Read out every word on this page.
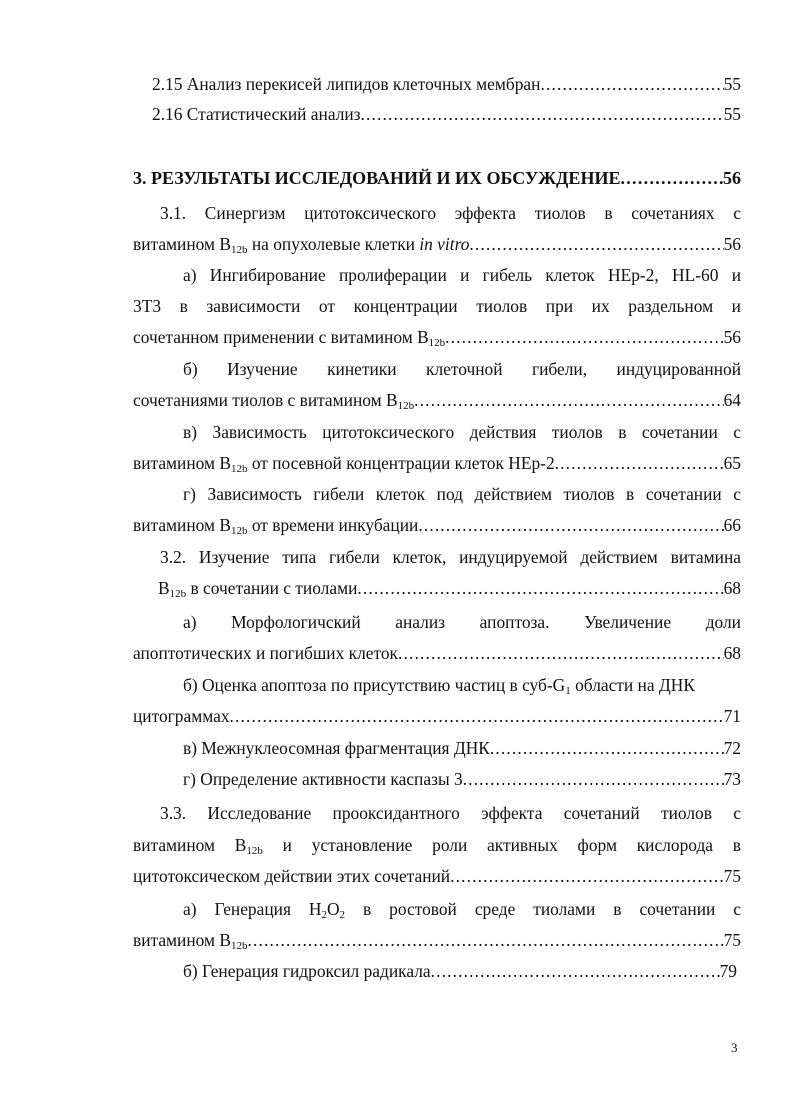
2.15 Анализ перекисей липидов клеточных мембран . . .	55
2.16 Статистический анализ . . .	55
3. РЕЗУЛЬТАТЫ ИССЛЕДОВАНИЙ И ИХ ОБСУЖДЕНИЕ . . .	56
3.1. Синергизм цитотоксического эффекта тиолов в сочетаниях с
витамином $B_{12b}$ на опухолевые клетки in vitro . . .	56
а) Ингибирование пролиферации и гибель клеток HEp-2, HL-60 и
3T3 в зависимости от концентрации тиолов при их раздельном и
сочетанном применении с витамином $B_{12b}$ . . .	56
б) Изучение кинетики клеточной гибели, индуцированной
сочетаниями тиолов с витамином $B_{12b}$ . . .	64
в) Зависимость цитотоксического действия тиолов в сочетании с
витамином $B_{12b}$ от посевной концентрации клеток HEp-2 . . .	65
г) Зависимость гибели клеток под действием тиолов в сочетании с
витамином $B_{12b}$ от времени инкубации . . .	66
3.2. Изучение типа гибели клеток, индуцируемой действием витамина
$B_{12b}$ в сочетании с тиолами . . .	68
а) Морфологичский анализ апоптоза. Увеличение доли
апоптотических и погибших клеток . . .	68
б) Оценка апоптоза по присутствию частиц в суб-$G_1$ области на ДНК
цитограммах . . .	71
в) Межнуклеосомная фрагментация ДНК . . .	72
г) Определение активности каспазы 3 . . .	73
3.3. Исследование прооксидантного эффекта сочетаний тиолов с
витамином $B_{12b}$ и установление роли активных форм кислорода в
цитотоксическом действии этих сочетаний . . .	75
а) Генерация $H_2O_2$ в ростовой среде тиолами в сочетании с
витамином $B_{12b}$ . . .	75
б) Генерация гидроксил радикала . . .	79
3
